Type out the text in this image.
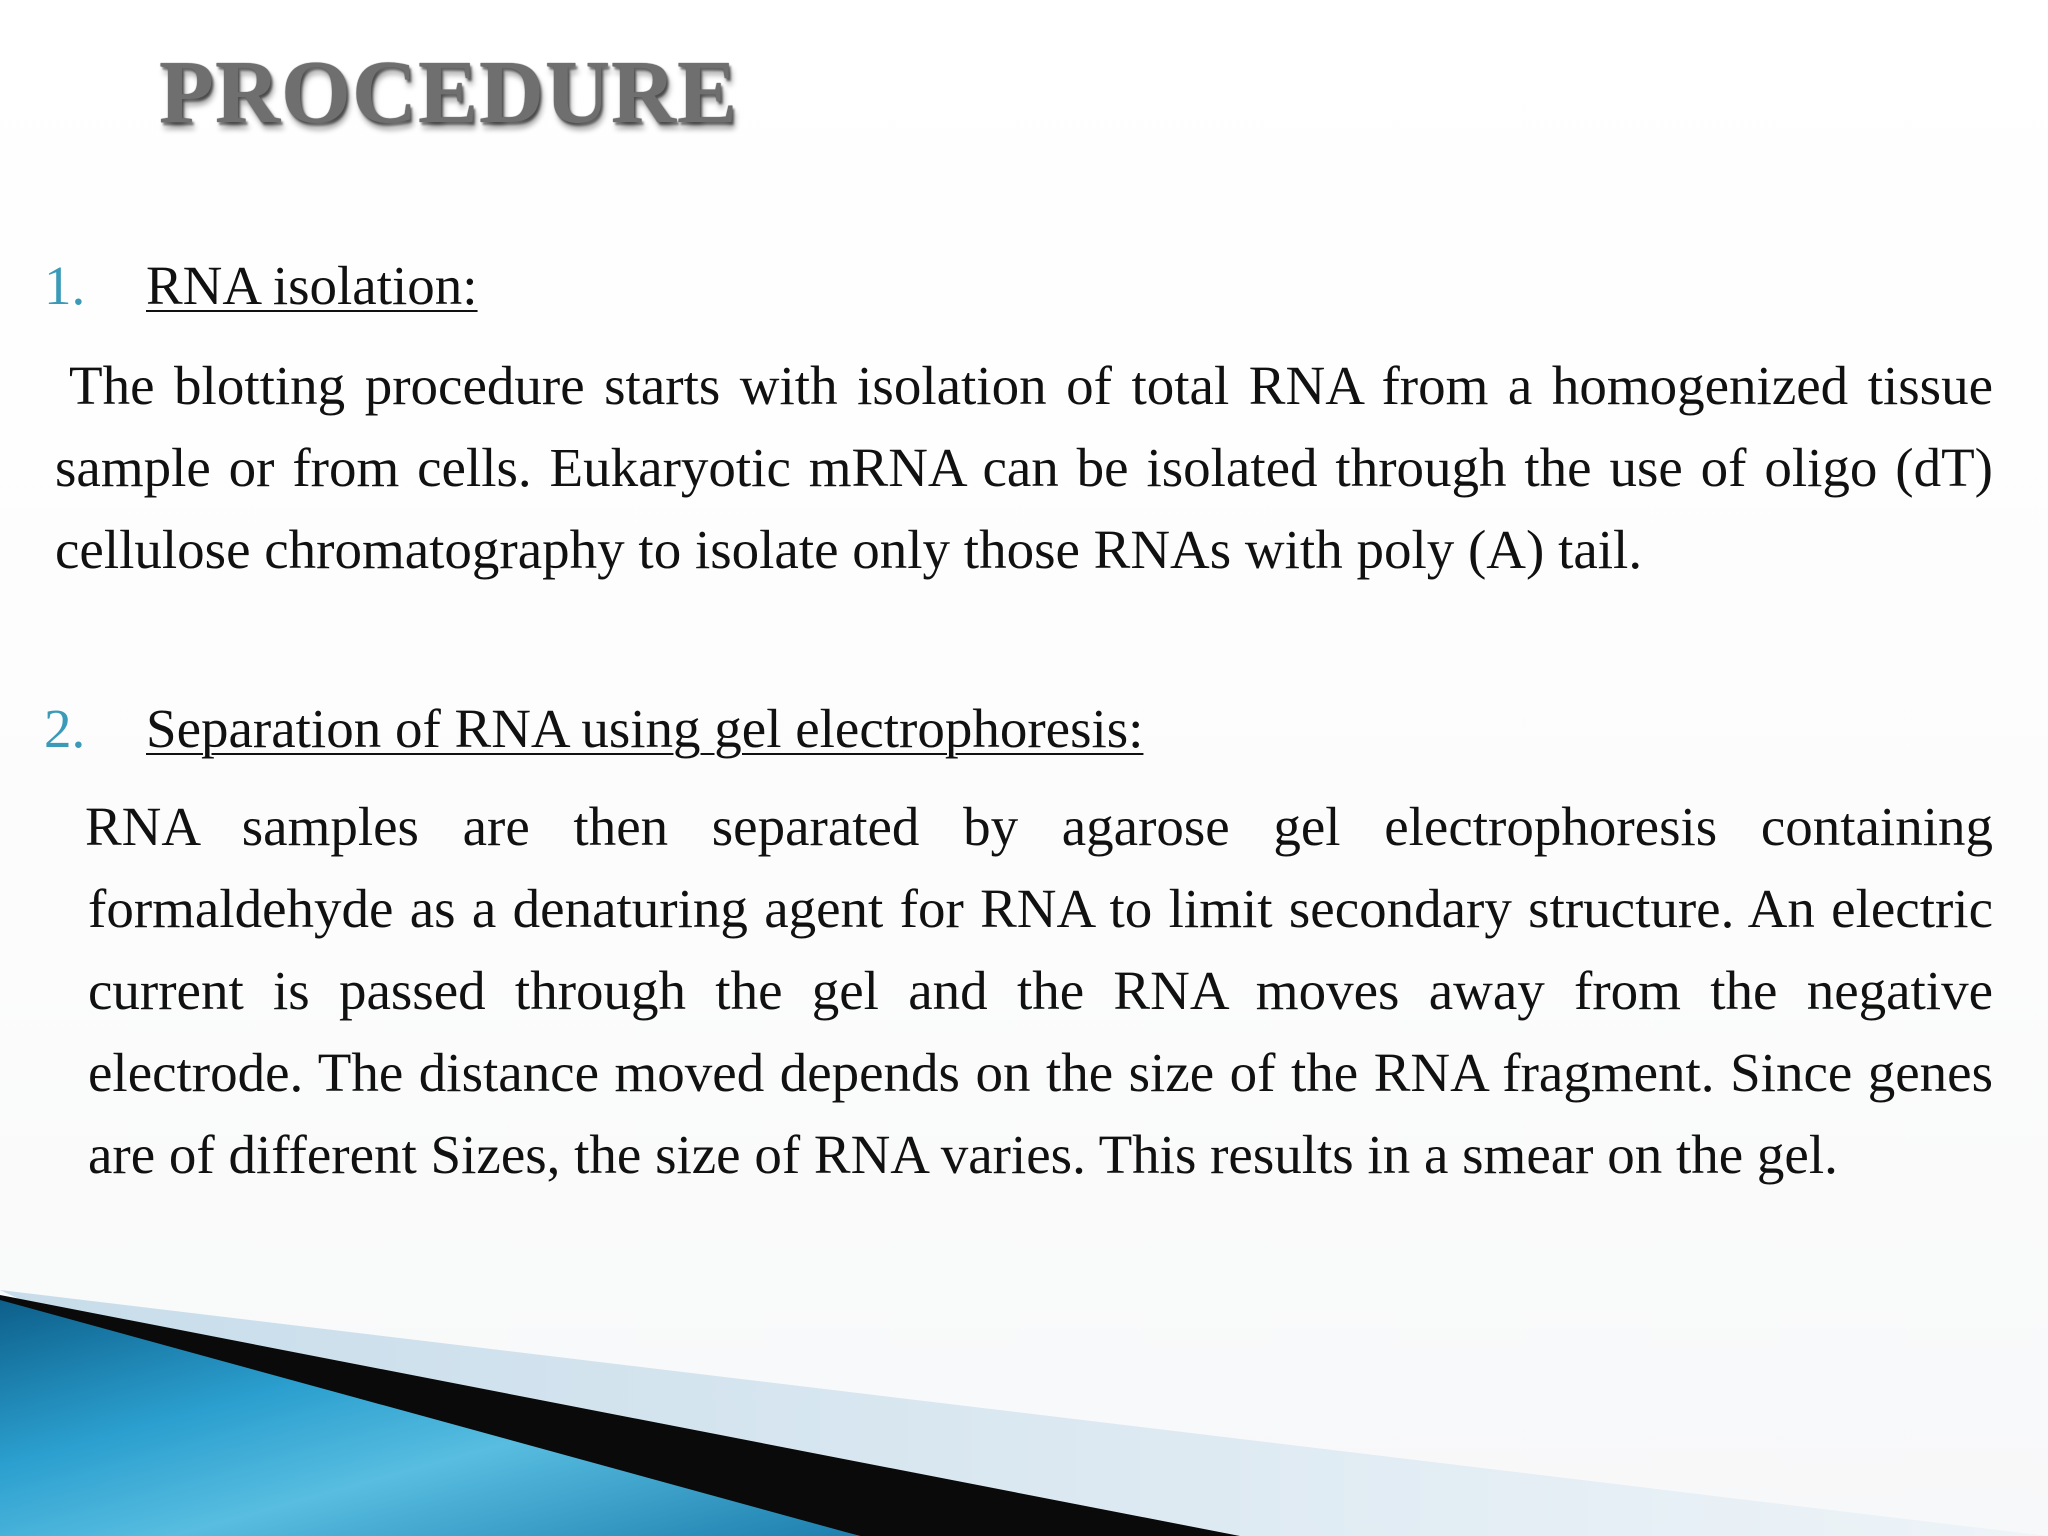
PROCEDURE
1.	RNA isolation:

The blotting procedure starts with isolation of total RNA from a homogenized tissue sample or from cells. Eukaryotic mRNA can be isolated through the use of oligo (dT) cellulose chromatography to isolate only those RNAs with poly (A) tail.

2.	Separation of RNA using gel electrophoresis:

RNA samples are then separated by agarose gel electrophoresis containing formaldehyde as a denaturing agent for RNA to limit secondary structure. An electric current is passed through the gel and the RNA moves away from the negative electrode. The distance moved depends on the size of the RNA fragment. Since genes are of different Sizes, the size of RNA varies. This results in a smear on the gel.
